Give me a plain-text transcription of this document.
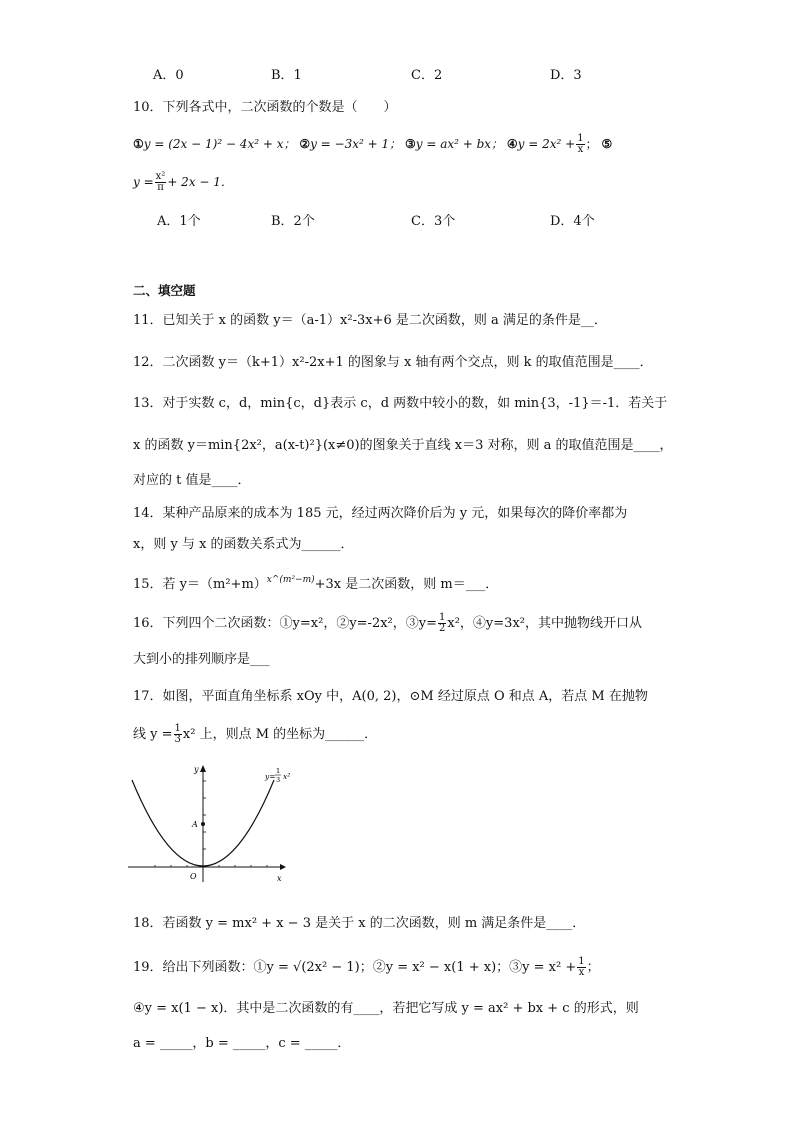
A．0	B．1	C．2	D．3
10．下列各式中，二次函数的个数是（　　）
①y = (2x − 1)² − 4x² + x； ②y = −3x² + 1； ③y = ax² + bx； ④y = $2x^2 + \frac{1}{x}$ ； ⑤
$y = \frac{\text{x²}}{\pi} + 2x - 1$．
A．1个	B．2个	C．3个	D．4个
二、填空题
11．已知关于 x 的函数 y＝（a-1）x²-3x+6 是二次函数，则 a 满足的条件是__．
12．二次函数 y＝（k+1）x²-2x+1 的图象与 x 轴有两个交点，则 k 的取值范围是____．
13．对于实数 c，d，min{c，d}表示 c，d 两数中较小的数，如 min{3，-1}＝-1．若关于
x 的函数 y＝min{2x²，a(x-t)²}(x≠0)的图象关于直线 x＝3 对称，则 a 的取值范围是____，
对应的 t 值是____．
14．某种产品原来的成本为 185 元，经过两次降价后为 y 元，如果每次的降价率都为
x，则 y 与 x 的函数关系式为______．
15．若 $y=(m^2+m)^{x\^{}(m^2-m)}+3x$ 是二次函数，则 m＝___．
16．下列四个二次函数：①y=x²，②y=-2x²，③y= $\frac{1}{2} x^2$，④y=3x²，其中抛物线开口从
大到小的排列顺序是___
17．如图，平面直角坐标系 xOy 中，A(0, 2)，⊙M 经过原点 O 和点 A，若点 M 在抛物
线 $y = \frac{1}{3} x^2$ 上，则点 M 的坐标为______．
A
O
y
x
y=
1
3 x²
18．若函数 y = mx² + x − 3 是关于 x 的二次函数，则 m 满足条件是____．
19．给出下列函数：①y = √(2x² − 1)；②y = x² − x(1 + x)；③y = $x^2 + \frac{1}{x}$ ；
④y = x(1 − x)．其中是二次函数的有____，若把它写成 y = ax² + bx + c 的形式，则
a = _____，b = _____，c = _____．
